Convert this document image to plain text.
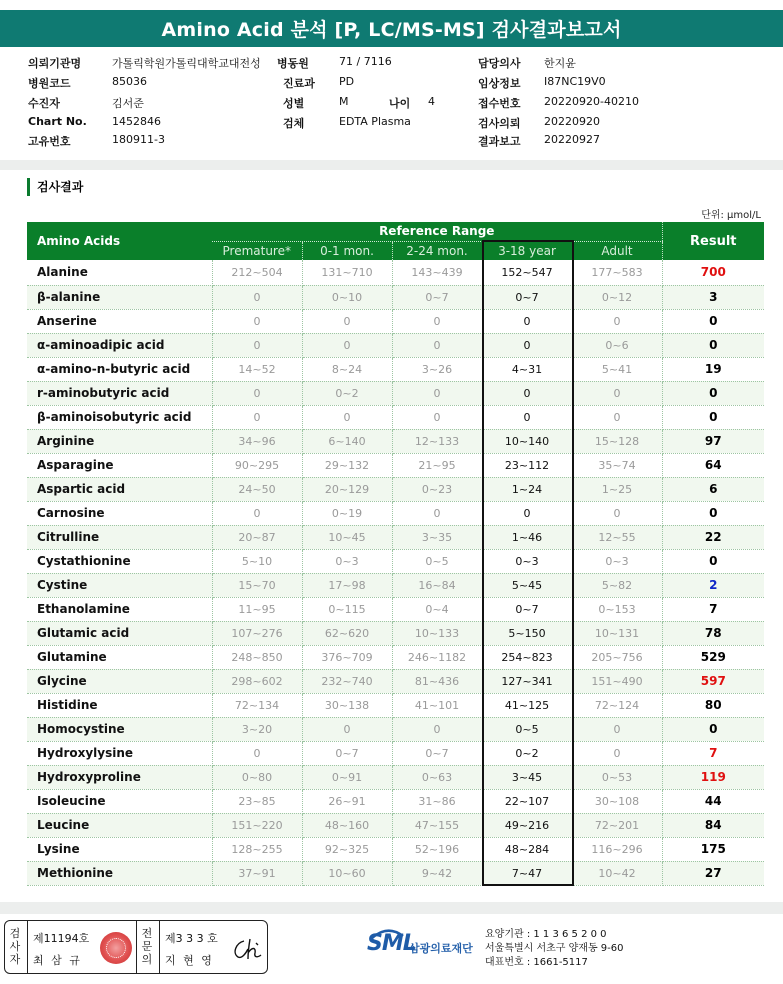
Amino Acid 분석 [P, LC/MS-MS] 검사결과보고서
의뢰기관명	가톨릭학원가톨릭대학교대전성 병동원	71 / 7116	담당의사 한지윤
병원코드	85036	진료과 PD	임상정보 I87NC19V0
수진자	김서준	성별	M	나이 4	접수번호 20220920-40210
Chart No. 1452846	검체	EDTA Plasma	검사의뢰 20220920
고유번호	180911-3	결과보고 20220927
검사결과
단위: μmol/L
Amino Acids	Reference Range					Result
	Premature*	0-1 mon.	2-24 mon.	3-18 year	Adult	
Alanine	212~504	131~710	143~439	152~547	177~583	700
β-alanine	0	0~10	0~7	0~7	0~12	3
Anserine	0	0	0	0	0	0
α-aminoadipic acid	0	0	0	0	0~6	0
α-amino-n-butyric acid	14~52	8~24	3~26	4~31	5~41	19
r-aminobutyric acid	0	0~2	0	0	0	0
β-aminoisobutyric acid	0	0	0	0	0	0
Arginine	34~96	6~140	12~133	10~140	15~128	97
Asparagine	90~295	29~132	21~95	23~112	35~74	64
Aspartic acid	24~50	20~129	0~23	1~24	1~25	6
Carnosine	0	0~19	0	0	0	0
Citrulline	20~87	10~45	3~35	1~46	12~55	22
Cystathionine	5~10	0~3	0~5	0~3	0~3	0
Cystine	15~70	17~98	16~84	5~45	5~82	2
Ethanolamine	11~95	0~115	0~4	0~7	0~153	7
Glutamic acid	107~276	62~620	10~133	5~150	10~131	78
Glutamine	248~850	376~709	246~1182	254~823	205~756	529
Glycine	298~602	232~740	81~436	127~341	151~490	597
Histidine	72~134	30~138	41~101	41~125	72~124	80
Homocystine	3~20	0	0	0~5	0	0
Hydroxylysine	0	0~7	0~7	0~2	0	7
Hydroxyproline	0~80	0~91	0~63	3~45	0~53	119
Isoleucine	23~85	26~91	31~86	22~107	30~108	44
Leucine	151~220	48~160	47~155	49~216	72~201	84
Lysine	128~255	92~325	52~196	48~284	116~296	175
Methionine	37~91	10~60	9~42	7~47	10~42	27
검
사
자
제11194호
최 삼 규
전
문
의
제3 3 3 호
지 현 영
SML
삼광의료재단
요양기관 : 1 1 3 6 5 2 0 0
서울특별시 서초구 양재동 9-60
대표번호 : 1661-5117
